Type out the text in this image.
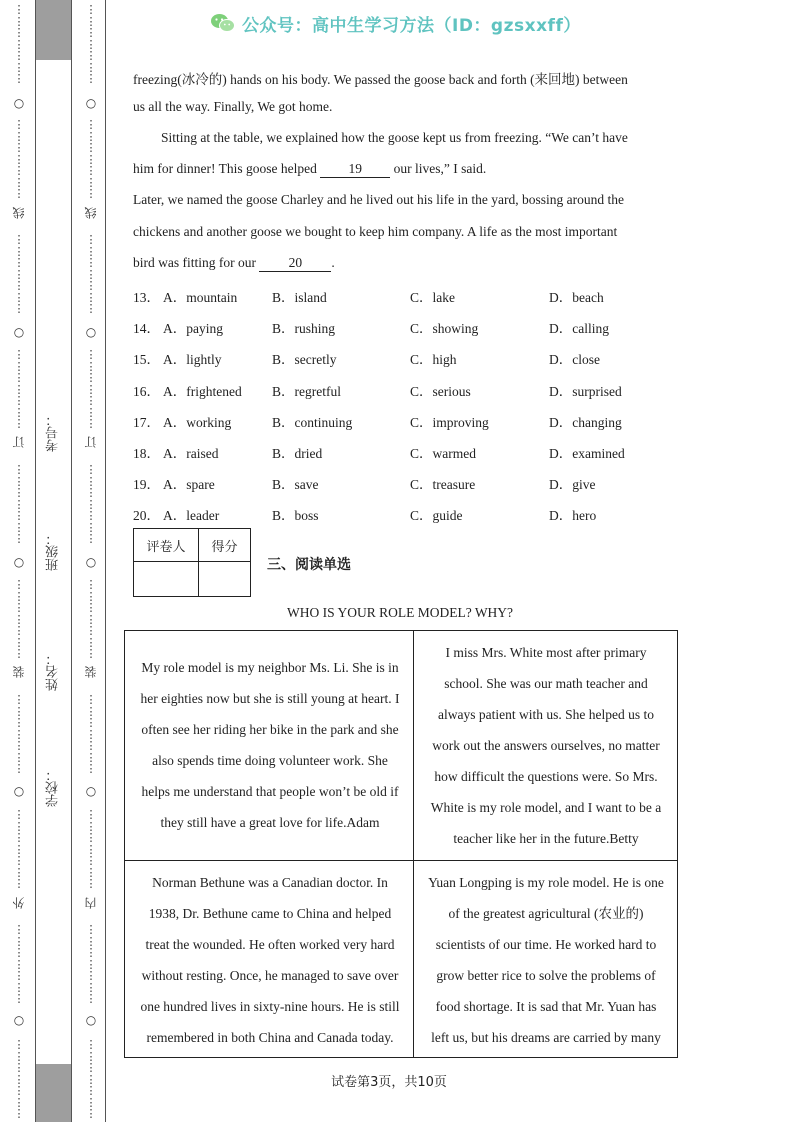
⋮
⋮
⋮
⋮
⋮
⋮
⋮
⋮
⋮
⋮
⋮
⋮
⋮
⋮
⋮
⋮
⋮
⋮
⋮
⋮
⋮
⋮
⋮
⋮
⋮
⋮
⋮
⋮
⋮
⋮
⋮
⋮
⋮
⋮
⋮
⋮
⋮
⋮
⋮
⋮
⋮
⋮
⋮
⋮
⋮
⋮
⋮
⋮
⋮
⋮
⋮
⋮
⋮
⋮
⋮
⋮
⋮
⋮
⋮
⋮
⋮
⋮
⋮
⋮
⋮
⋮
⋮
⋮
⋮
⋮
○
○
○
○
○
线
订
装
外
⋮
⋮
⋮
⋮
⋮
⋮
⋮
⋮
⋮
⋮
⋮
⋮
⋮
⋮
⋮
⋮
⋮
⋮
⋮
⋮
⋮
⋮
⋮
⋮
⋮
⋮
⋮
⋮
⋮
⋮
⋮
⋮
⋮
⋮
⋮
⋮
⋮
⋮
⋮
⋮
⋮
⋮
⋮
⋮
⋮
⋮
⋮
⋮
⋮
⋮
⋮
⋮
⋮
⋮
⋮
⋮
⋮
⋮
⋮
⋮
⋮
⋮
⋮
⋮
⋮
⋮
⋮
⋮
⋮
⋮
○
○
○
○
○
线
订
装
内
考号：
班级：
姓名：
学校：
公众号：高中生学习方法（ID：gzsxxff）
freezing(冰冷的) hands on his body. We passed the goose back and forth (来回地) between
us all the way. Finally, We got home.
Sitting at the table, we explained how the goose kept us from freezing. “We can’t have
him for dinner! This goose helped 19 our lives,” I said.
Later, we named the goose Charley and he lived out his life in the yard, bossing around the
chickens and another goose we bought to keep him company. A life as the most important
bird was fitting for our 20 .
13． A．mountain	B．island	C．lake	D．beach
14． A．paying	B．rushing	C．showing	D．calling
15． A．lightly	B．secretly	C．high	D．close
16． A．frightened B．regretful	C．serious	D．surprised
17． A．working	B．continuing	C．improving	D．changing
18． A．raised	B．dried	C．warmed	D．examined
19． A．spare	B．save	C．treasure	D．give
20． A．leader	B．boss	C．guide	D．hero
评卷人	得分

三、阅读单选
WHO IS YOUR ROLE MODEL? WHY?
My role model is my neighbor Ms. Li. She is in
her eighties now but she is still young at heart. I
often see her riding her bike in the park and she
also spends time doing volunteer work. She
helps me understand that people won’t be old if
they still have a great love for life.Adam
I miss Mrs. White most after primary
school. She was our math teacher and
always patient with us. She helped us to
work out the answers ourselves, no matter
how difficult the questions were. So Mrs.
White is my role model, and I want to be a
teacher like her in the future.Betty
Norman Bethune was a Canadian doctor. In
1938, Dr. Bethune came to China and helped
treat the wounded. He often worked very hard
without resting. Once, he managed to save over
one hundred lives in sixty-nine hours. He is still
remembered in both China and Canada today.
Yuan Longping is my role model. He is one
of the greatest agricultural (农业的)
scientists of our time. He worked hard to
grow better rice to solve the problems of
food shortage. It is sad that Mr. Yuan has
left us, but his dreams are carried by many
试卷第3页，共10页
